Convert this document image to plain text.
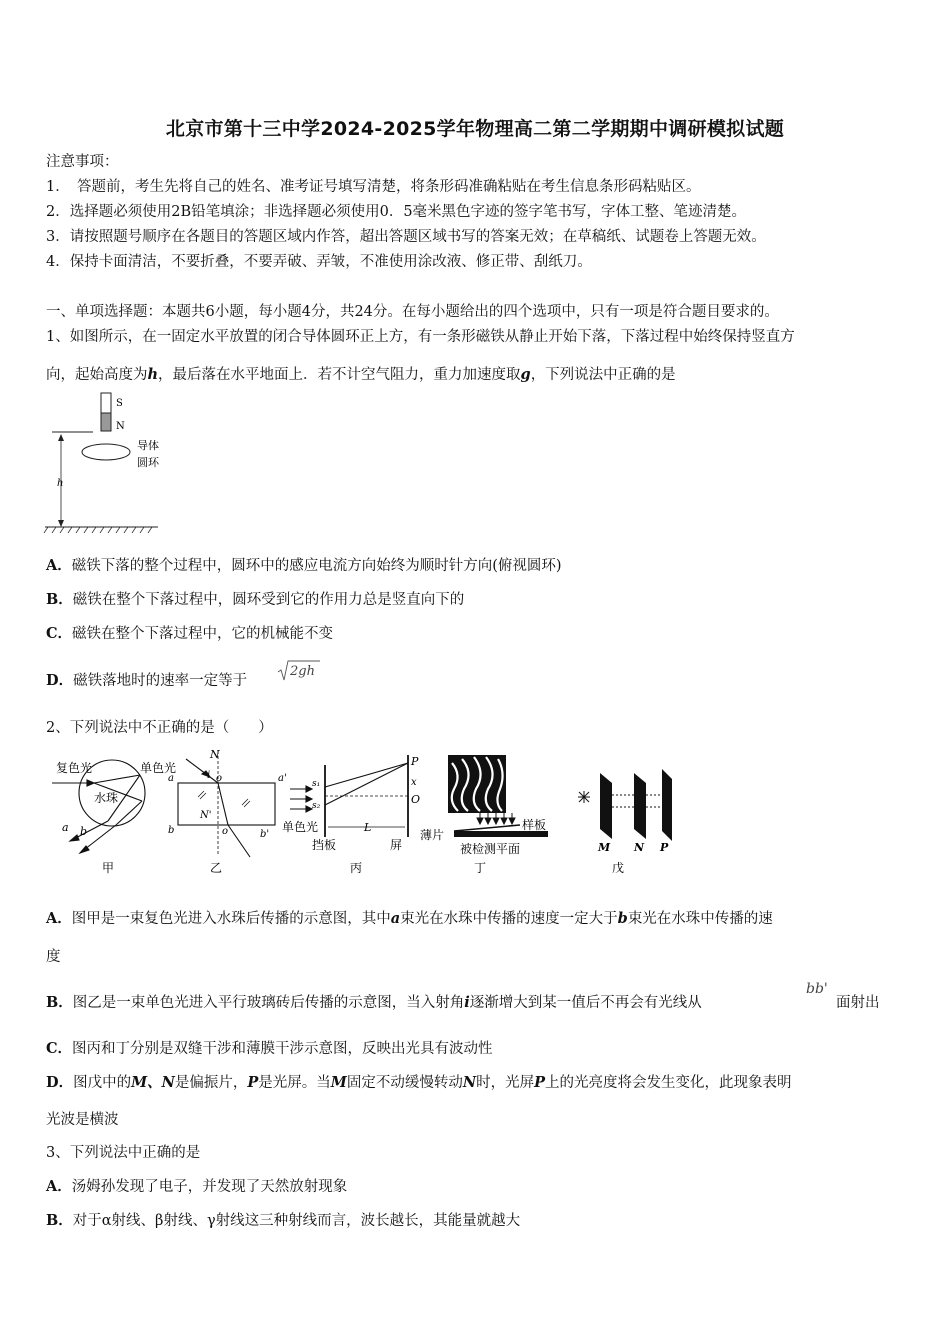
北京市第十三中学2024-2025学年物理高二第二学期期中调研模拟试题
注意事项：
1．　答题前，考生先将自己的姓名、准考证号填写清楚，将条形码准确粘贴在考生信息条形码粘贴区。
2．选择题必须使用2B铅笔填涂；非选择题必须使用0．5毫米黑色字迹的签字笔书写，字体工整、笔迹清楚。
3．请按照题号顺序在各题目的答题区域内作答，超出答题区域书写的答案无效；在草稿纸、试题卷上答题无效。
4．保持卡面清洁，不要折叠，不要弄破、弄皱，不准使用涂改液、修正带、刮纸刀。
一、单项选择题：本题共6小题，每小题4分，共24分。在每小题给出的四个选项中，只有一项是符合题目要求的。
1、如图所示，在一固定水平放置的闭合导体圆环正上方，有一条形磁铁从静止开始下落，下落过程中始终保持竖直方
向，起始高度为h，最后落在水平地面上．若不计空气阻力，重力加速度取g，下列说法中正确的是
S
N
h
导体
圆环
A．磁铁下落的整个过程中，圆环中的感应电流方向始终为顺时针方向(俯视圆环)
B．磁铁在整个下落过程中，圆环受到它的作用力总是竖直向下的
C．磁铁在整个下落过程中，它的机械能不变
D．磁铁落地时的速率一定等于
2gh
2、下列说法中不正确的是（　　）
复色光
水珠
a b
甲
单色光
N
i o
a	a'
b	b'
o
N'
乙
s₁
s₂
P
x
O
L
单色光
挡板	屏
丙
薄片
样板
被检测平面
丁
M N P
戊
A．图甲是一束复色光进入水珠后传播的示意图，其中a束光在水珠中传播的速度一定大于b束光在水珠中传播的速
度
B．图乙是一束单色光进入平行玻璃砖后传播的示意图，当入射角i逐渐增大到某一值后不再会有光线从
bb'
面射出
C．图丙和丁分别是双缝干涉和薄膜干涉示意图，反映出光具有波动性
D．图戊中的M、N是偏振片，P是光屏。当M固定不动缓慢转动N时，光屏P上的光亮度将会发生变化，此现象表明
光波是横波
3、下列说法中正确的是
A．汤姆孙发现了电子，并发现了天然放射现象
B．对于α射线、β射线、γ射线这三种射线而言，波长越长，其能量就越大
